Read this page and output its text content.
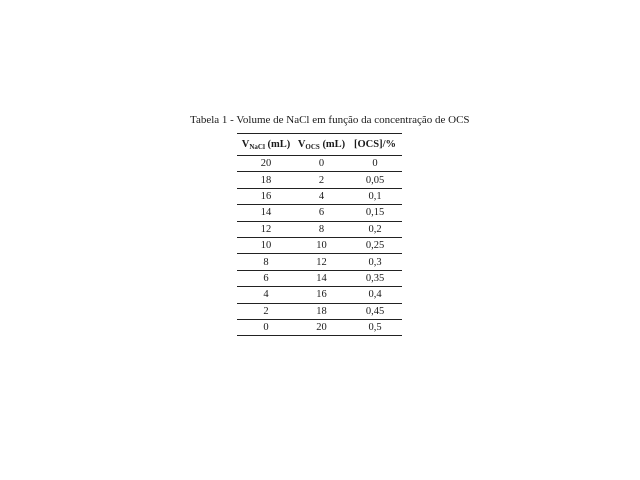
Tabela 1 - Volume de NaCl em função da concentração de OCS
$V_{NaCl}$ (mL)	$V_{OCS}$ (mL)	[OCS]/%
20	0	0
18	2	0,05
16	4	0,1
14	6	0,15
12	8	0,2
10	10	0,25
8	12	0,3
6	14	0,35
4	16	0,4
2	18	0,45
0	20	0,5
